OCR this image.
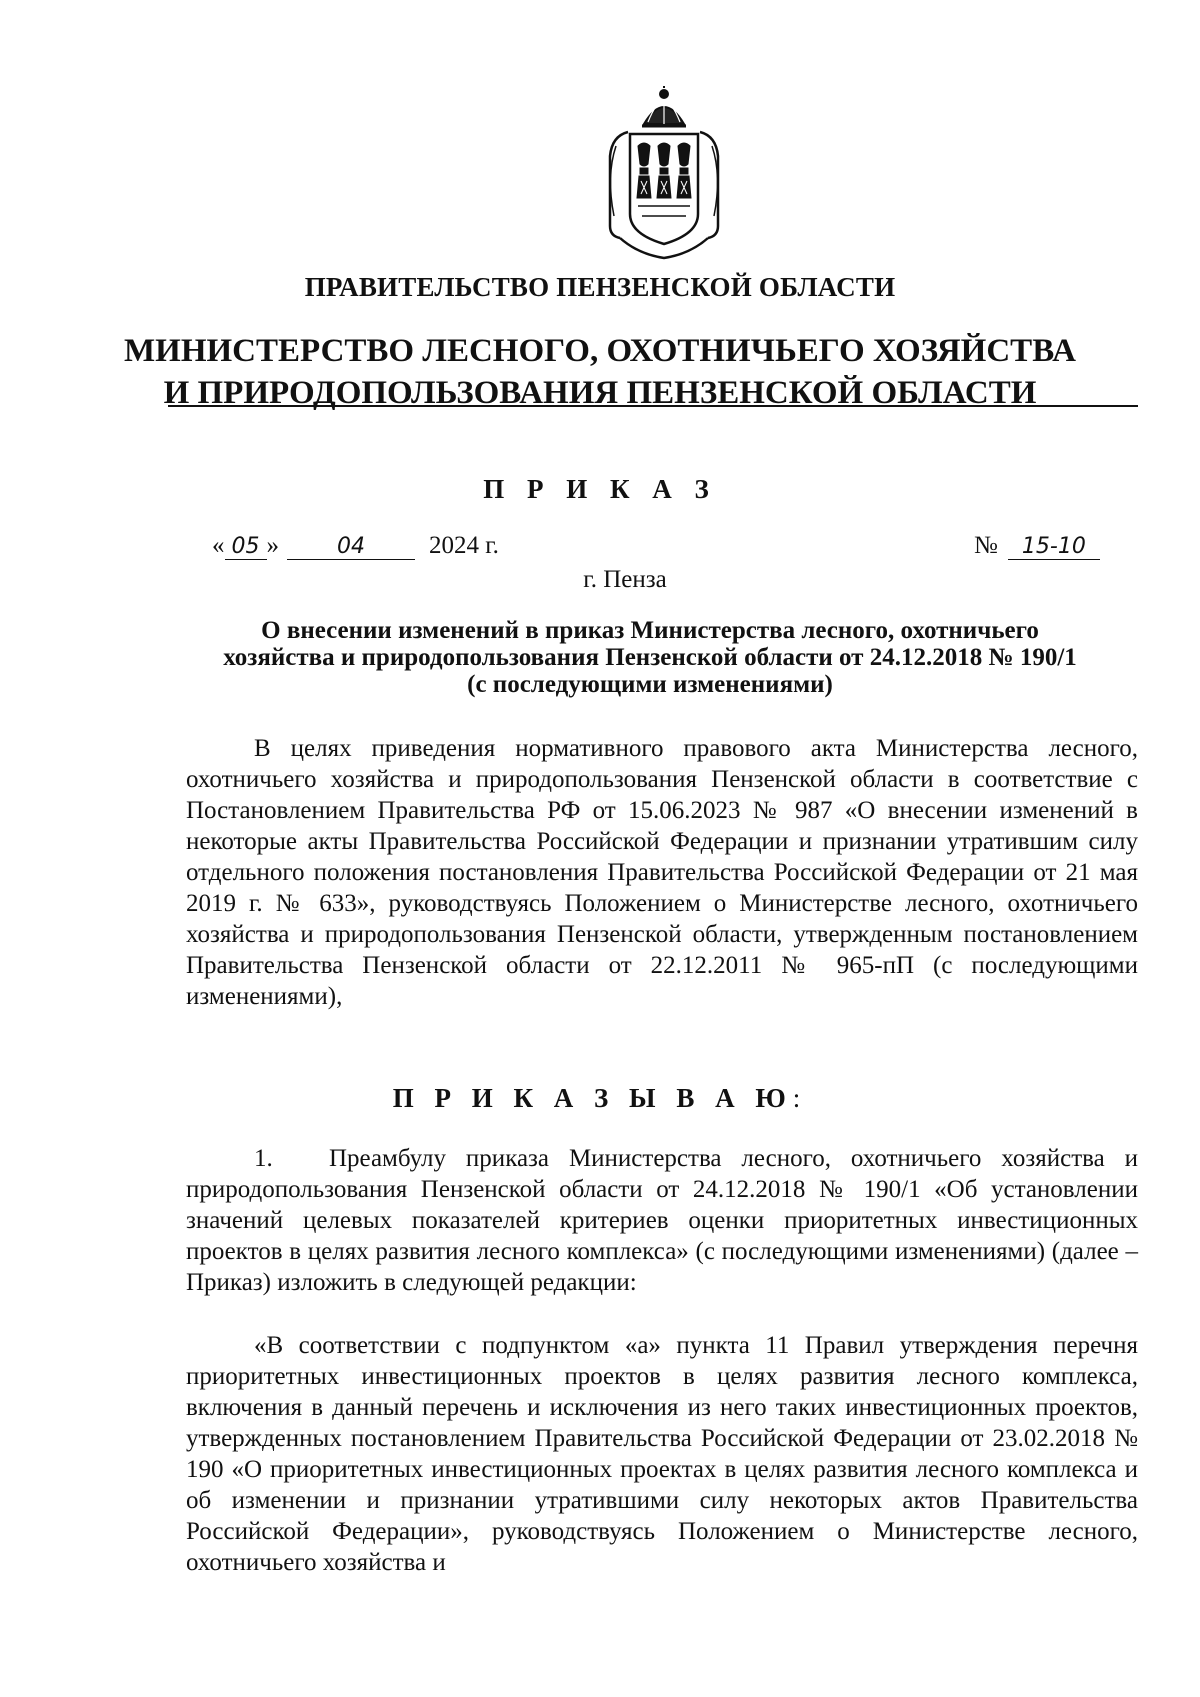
ПРАВИТЕЛЬСТВО ПЕНЗЕНСКОЙ ОБЛАСТИ
МИНИСТЕРСТВО ЛЕСНОГО, ОХОТНИЧЬЕГО ХОЗЯЙСТВА
И ПРИРОДОПОЛЬЗОВАНИЯ ПЕНЗЕНСКОЙ ОБЛАСТИ
П Р И К А З
« 05 »	04	2024 г.	№ 15-10
г. Пенза
О внесении изменений в приказ Министерства лесного, охотничьего
хозяйства и природопользования Пензенской области от 24.12.2018 № 190/1
(с последующими изменениями)

В целях приведения нормативного правового акта Министерства лесного, охотничьего хозяйства и природопользования Пензенской области в соответствие с Постановлением Правительства РФ от 15.06.2023 № 987 «О внесении изменений в некоторые акты Правительства Российской Федерации и признании утратившим силу отдельного положения постановления Правительства Российской Федерации от 21 мая 2019 г. № 633», руководствуясь Положением о Министерстве лесного, охотничьего хозяйства и природопользования Пензенской области, утвержденным постановлением Правительства Пензенской области от 22.12.2011 № 965-пП (с последующими изменениями),

П Р И К А З Ы В А Ю:

1. Преамбулу приказа Министерства лесного, охотничьего хозяйства и природопользования Пензенской области от 24.12.2018 № 190/1 «Об установлении значений целевых показателей критериев оценки приоритетных инвестиционных проектов в целях развития лесного комплекса» (с последующими изменениями) (далее – Приказ) изложить в следующей редакции:

«В соответствии с подпунктом «а» пункта 11 Правил утверждения перечня приоритетных инвестиционных проектов в целях развития лесного комплекса, включения в данный перечень и исключения из него таких инвестиционных проектов, утвержденных постановлением Правительства Российской Федерации от 23.02.2018 № 190 «О приоритетных инвестиционных проектах в целях развития лесного комплекса и об изменении и признании утратившими силу некоторых актов Правительства Российской Федерации», руководствуясь Положением о Министерстве лесного, охотничьего хозяйства и
